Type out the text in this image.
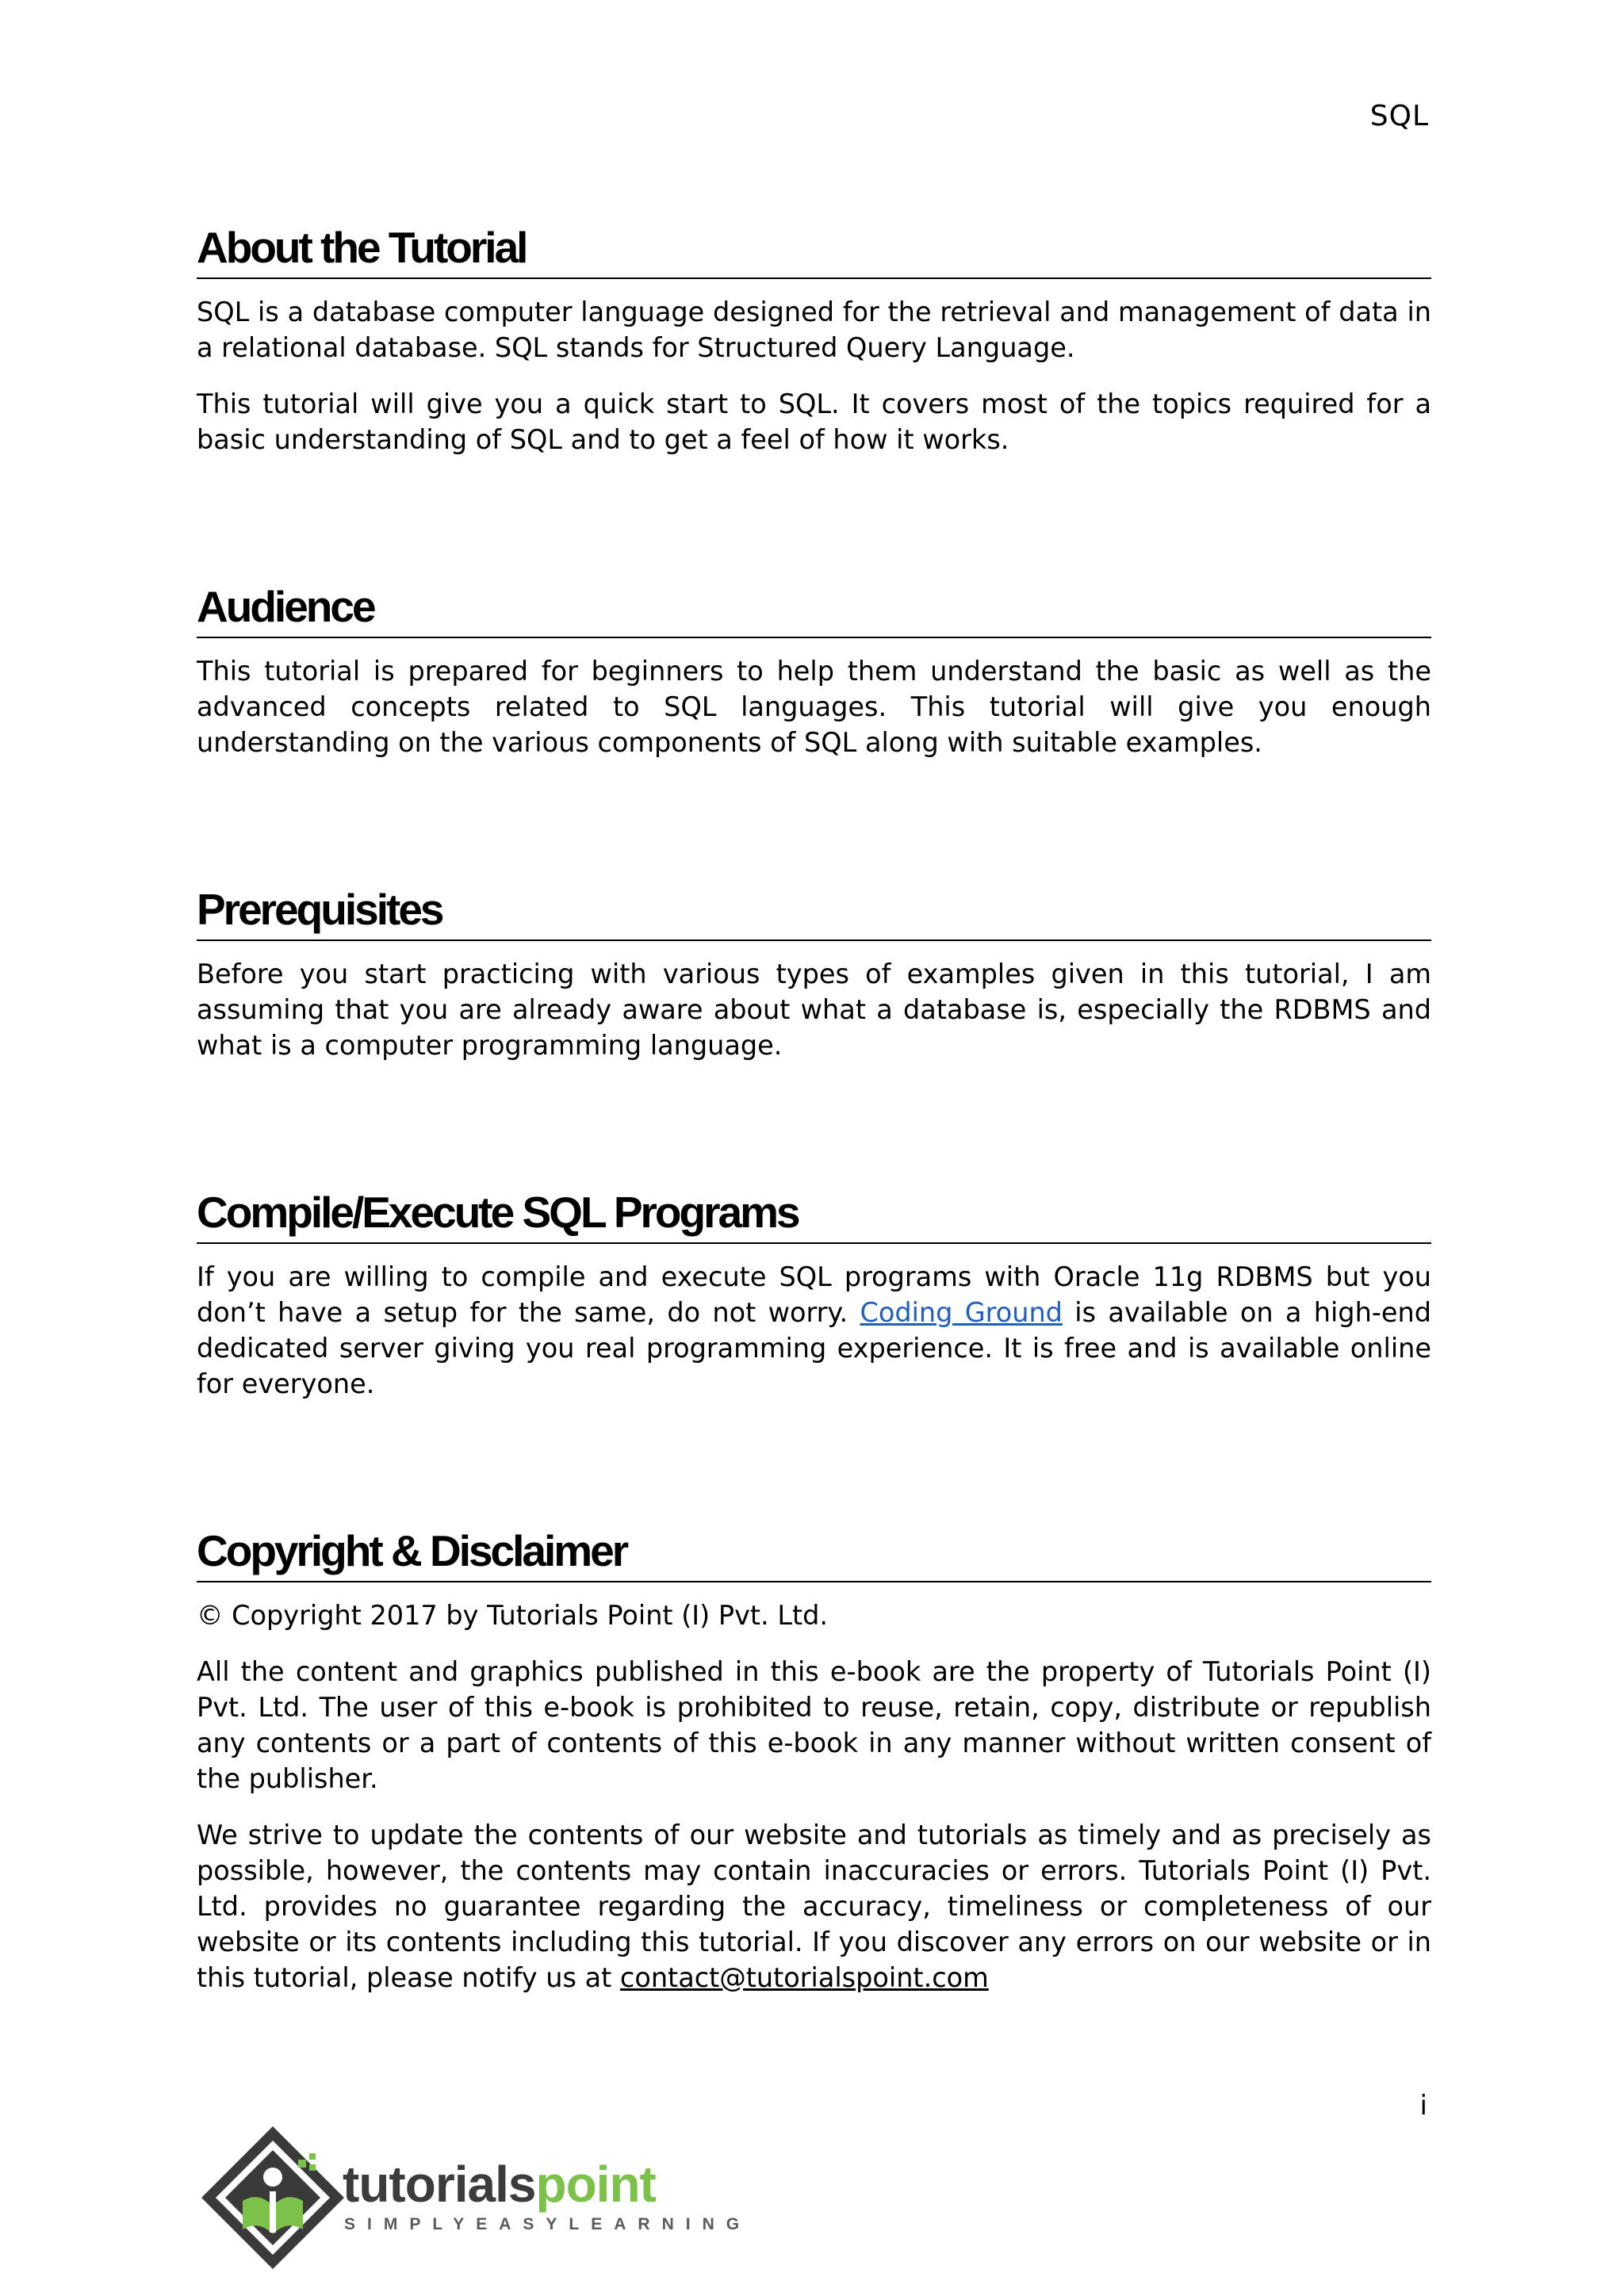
SQL
About the Tutorial

SQL is a database computer language designed for the retrieval and management of data in a relational database. SQL stands for Structured Query Language.

This tutorial will give you a quick start to SQL. It covers most of the topics required for a basic understanding of SQL and to get a feel of how it works.

Audience

This tutorial is prepared for beginners to help them understand the basic as well as the advanced concepts related to SQL languages. This tutorial will give you enough understanding on the various components of SQL along with suitable examples.

Prerequisites

Before you start practicing with various types of examples given in this tutorial, I am assuming that you are already aware about what a database is, especially the RDBMS and what is a computer programming language.

Compile/Execute SQL Programs

If you are willing to compile and execute SQL programs with Oracle 11g RDBMS but you don’t have a setup for the same, do not worry. Coding Ground is available on a high-end dedicated server giving you real programming experience. It is free and is available online for everyone.

Copyright & Disclaimer

© Copyright 2017 by Tutorials Point (I) Pvt. Ltd.

All the content and graphics published in this e-book are the property of Tutorials Point (I) Pvt. Ltd. The user of this e-book is prohibited to reuse, retain, copy, distribute or republish any contents or a part of contents of this e-book in any manner without written consent of the publisher.

We strive to update the contents of our website and tutorials as timely and as precisely as possible, however, the contents may contain inaccuracies or errors. Tutorials Point (I) Pvt. Ltd. provides no guarantee regarding the accuracy, timeliness or completeness of our website or its contents including this tutorial. If you discover any errors on our website or in this tutorial, please notify us at contact@tutorialspoint.com

i
tutorialspoint
SIMPLYEASYLEARNING
